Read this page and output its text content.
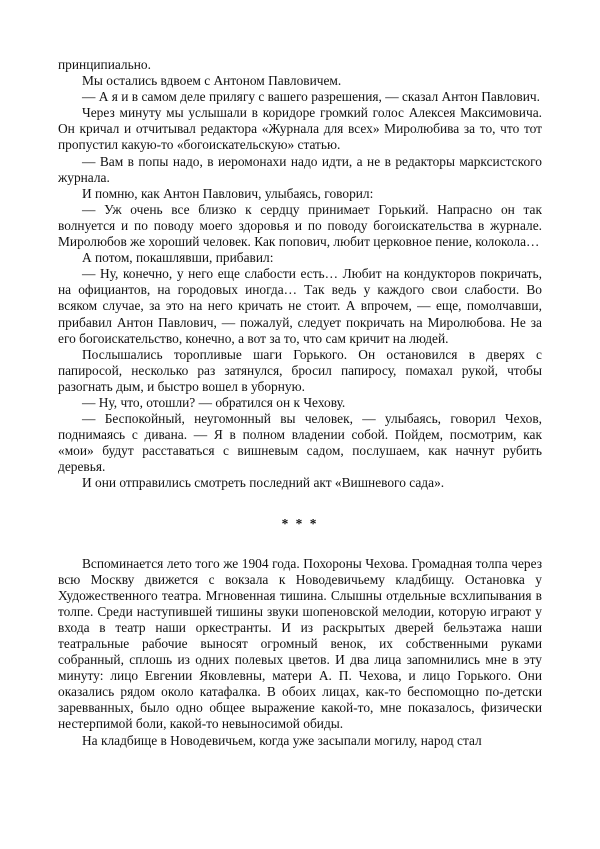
принципиально.

Мы остались вдвоем с Антоном Павловичем.

— А я и в самом деле прилягу с вашего разрешения, — сказал Антон Павлович.

Через минуту мы услышали в коридоре громкий голос Алексея Максимовича. Он кричал и отчитывал редактора «Журнала для всех» Миролюбива за то, что тот пропустил какую-то «богоискательскую» статью.

— Вам в попы надо, в иеромонахи надо идти, а не в редакторы марксистского журнала.

И помню, как Антон Павлович, улыбаясь, говорил:

— Уж очень все близко к сердцу принимает Горький. Напрасно он так волнуется и по поводу моего здоровья и по поводу богоискательства в журнале. Миролюбов же хороший человек. Как попович, любит церковное пение, колокола…

А потом, покашлявши, прибавил:

— Ну, конечно, у него еще слабости есть… Любит на кондукторов покричать, на официантов, на городовых иногда… Так ведь у каждого свои слабости. Во всяком случае, за это на него кричать не стоит. А впрочем, — еще, помолчавши, прибавил Антон Павлович, — пожалуй, следует покричать на Миролюбова. Не за его богоискательство, конечно, а вот за то, что сам кричит на людей.

Послышались торопливые шаги Горького. Он остановился в дверях с папиросой, несколько раз затянулся, бросил папиросу, помахал рукой, чтобы разогнать дым, и быстро вошел в уборную.

— Ну, что, отошли? — обратился он к Чехову.

— Беспокойный, неугомонный вы человек, — улыбаясь, говорил Чехов, поднимаясь с дивана. — Я в полном владении собой. Пойдем, посмотрим, как «мои» будут расставаться с вишневым садом, послушаем, как начнут рубить деревья.

И они отправились смотреть последний акт «Вишневого сада».

* * *

Вспоминается лето того же 1904 года. Похороны Чехова. Громадная толпа через всю Москву движется с вокзала к Новодевичьему кладбищу. Остановка у Художественного театра. Мгновенная тишина. Слышны отдельные всхлипывания в толпе. Среди наступившей тишины звуки шопеновской мелодии, которую играют у входа в театр наши оркестранты. И из раскрытых дверей бельэтажа наши театральные рабочие выносят огромный венок, их собственными руками собранный, сплошь из одних полевых цветов. И два лица запомнились мне в эту минуту: лицо Евгении Яковлевны, матери А. П. Чехова, и лицо Горького. Они оказались рядом около катафалка. В обоих лицах, как-то беспомощно по-детски заревванных, было одно общее выражение какой-то, мне показалось, физически нестерпимой боли, какой-то невыносимой обиды.

На кладбище в Новодевичьем, когда уже засыпали могилу, народ стал
